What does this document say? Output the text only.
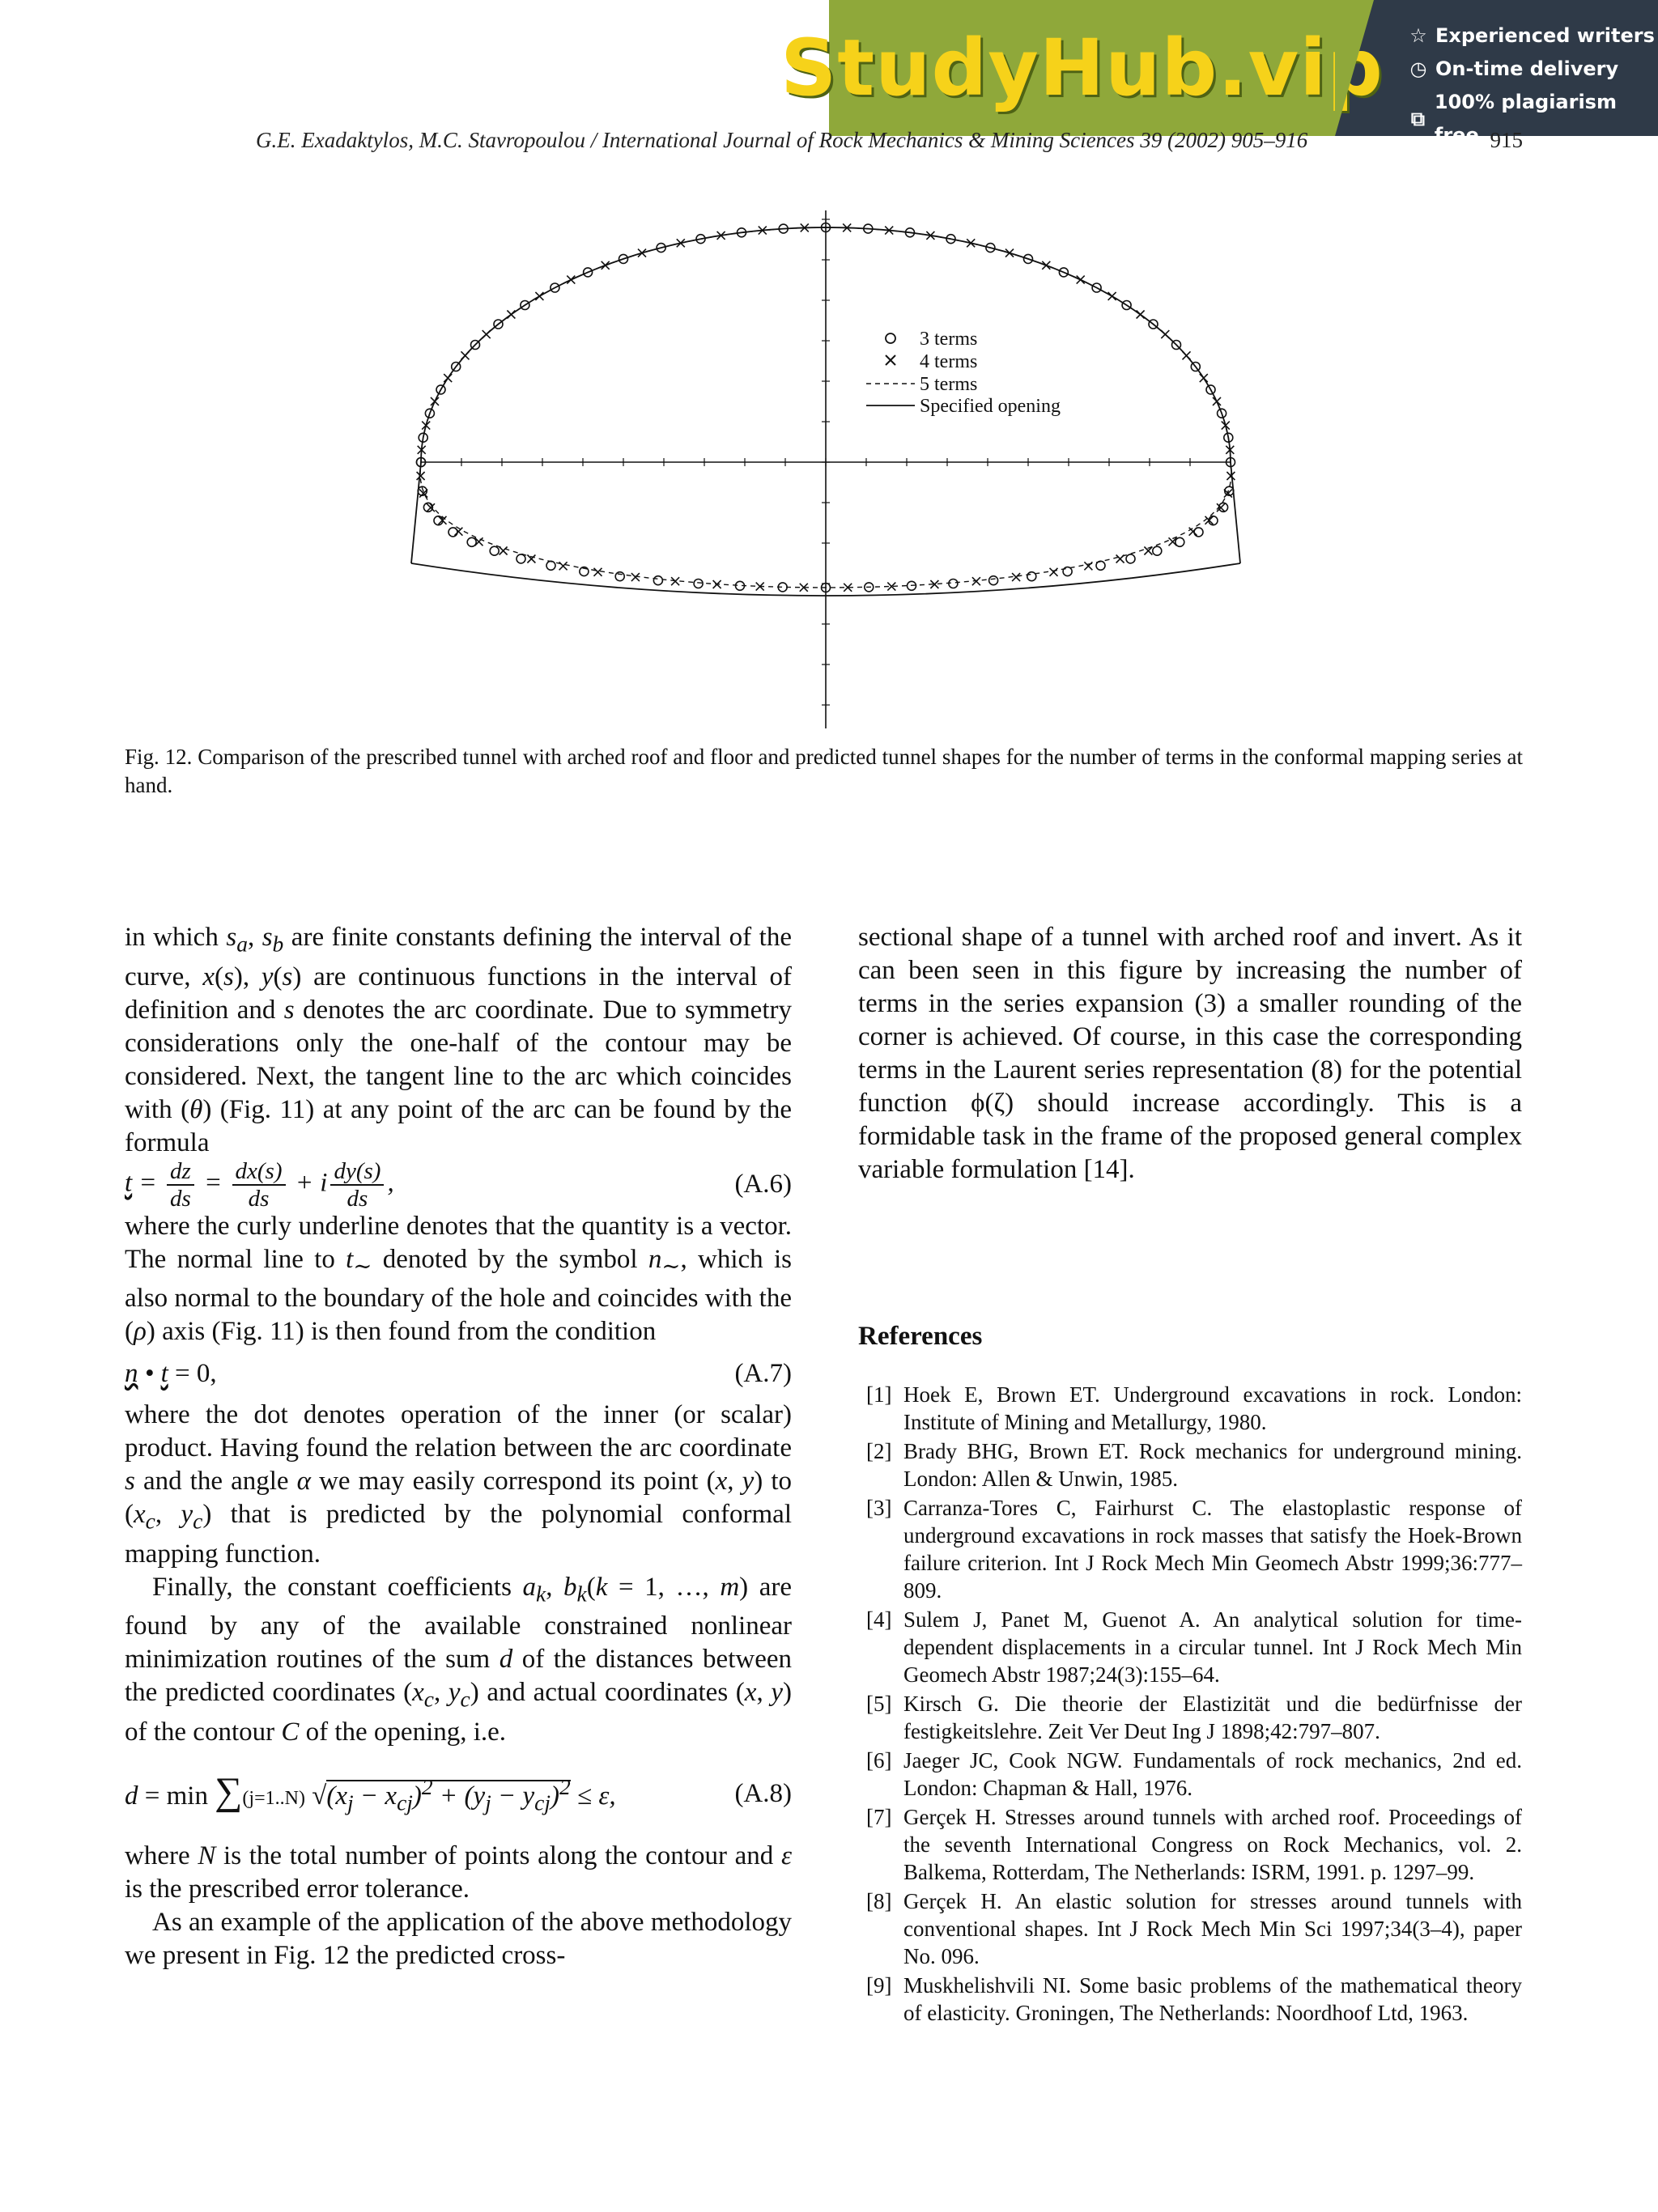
StudyHub.vip ☆ Experienced writers
◷ On-time delivery
⧉
100% plagiarism free
G.E. Exadaktylos, M.C. Stavropoulou / International Journal of Rock Mechanics & Mining Sciences 39 (2002) 905–916	915
3 terms
4 terms
5 terms
Specified opening
Fig. 12. Comparison of the prescribed tunnel with arched roof and floor and predicted tunnel shapes for the number of terms in the conformal mapping series at hand.

in which $s_a$, $s_b$ are finite constants defining the interval of the curve, x(s), y(s) are continuous functions in the interval of definition and s denotes the arc coordinate. Due to symmetry considerations only the one-half of the contour may be considered. Next, the tangent line to the arc which coincides with (θ) (Fig. 11) at any point of the arc can be found by the formula

$t = \frac{dz}{ds} = \frac{dx(s)}{ds} + i \frac{dy(s)}{ds}$ ,	(A.6)

where the curly underline denotes that the quantity is a vector. The normal line to $t_\sim$ denoted by the symbol $n_\sim$, which is also normal to the boundary of the hole and coincides with the (ρ) axis (Fig. 11) is then found from the condition

n • t = 0,	(A.7)

where the dot denotes operation of the inner (or scalar) product. Having found the relation between the arc coordinate s and the angle α we may easily correspond its point (x, y) to ($x_c$, $y_c$) that is predicted by the polynomial conformal mapping function.

Finally, the constant coefficients $a_k$, $b_k(k = 1$, …, m) are found by any of the available constrained nonlinear minimization routines of the sum d of the distances between the predicted coordinates ($x_c$, $y_c$) and actual coordinates (x, y) of the contour C of the opening, i.e.

d = min ∑(j=1..N) $√(x_j - x_{cj})^2 + (y_j - y_{cj})^2 \le \varepsilon$,	(A.8)

where N is the total number of points along the contour and ε is the prescribed error tolerance.

As an example of the application of the above methodology we present in Fig. 12 the predicted cross-

sectional shape of a tunnel with arched roof and invert. As it can been seen in this figure by increasing the number of terms in the series expansion (3) a smaller rounding of the corner is achieved. Of course, in this case the corresponding terms in the Laurent series representation (8) for the potential function ϕ(ζ) should increase accordingly. This is a formidable task in the frame of the proposed general complex variable formulation [14].

References

[1] Hoek E, Brown ET. Underground excavations in rock. London: Institute of Mining and Metallurgy, 1980.
[2] Brady BHG, Brown ET. Rock mechanics for underground mining. London: Allen & Unwin, 1985.
[3] Carranza-Tores C, Fairhurst C. The elastoplastic response of underground excavations in rock masses that satisfy the Hoek-Brown failure criterion. Int J Rock Mech Min Geomech Abstr 1999;36:777–809.
[4] Sulem J, Panet M, Guenot A. An analytical solution for time-dependent displacements in a circular tunnel. Int J Rock Mech Min Geomech Abstr 1987;24(3):155–64.
[5] Kirsch G. Die theorie der Elastizität und die bedürfnisse der festigkeitslehre. Zeit Ver Deut Ing J 1898;42:797–807.
[6] Jaeger JC, Cook NGW. Fundamentals of rock mechanics, 2nd ed. London: Chapman & Hall, 1976.
[7] Gerçek H. Stresses around tunnels with arched roof. Proceedings of the seventh International Congress on Rock Mechanics, vol. 2. Balkema, Rotterdam, The Netherlands: ISRM, 1991. p. 1297–99.
[8] Gerçek H. An elastic solution for stresses around tunnels with conventional shapes. Int J Rock Mech Min Sci 1997;34(3–4), paper No. 096.
[9] Muskhelishvili NI. Some basic problems of the mathematical theory of elasticity. Groningen, The Netherlands: Noordhoof Ltd, 1963.
